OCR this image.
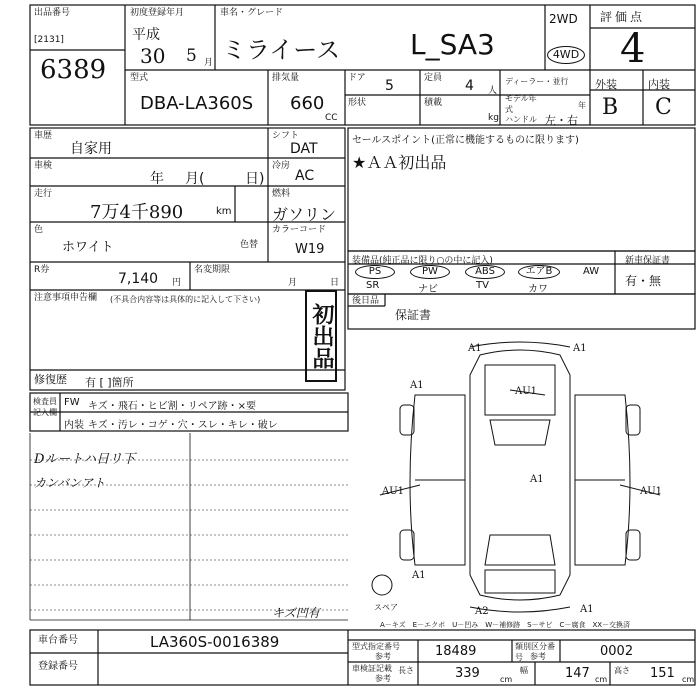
出品番号
[2131]
6389
初度登録年月
平成
30 5 月
車名・グレード
ミライース L_SA3
2WD
4WD
評価点
4
外装	内装
B C
型式
DBA-LA360S
排気量
660
CC
ドア 5	定員 4 人
形状	積載
kg
ディーラー・並行
モデル年式	年
ハンドル 左・右
車歴
自家用
車検
年 月(	日)
走行
7万4千890	km
シフト
DAT
冷房
AC
燃料
ガソリン
色
ホワイト	色替
カラーコード
W19
R券
7,140 円
名変期限
月	日
注意事項申告欄 (不具合内容等は具体的に記入して下さい)
初出品
修復歴 有 [ ]箇所
セールスポイント(正常に機能するものに限ります)
★ＡＡ初出品
装備品(純正品に限り○の中に記入)
PS	PW	ABS	エアB	AW
SR	ナビ	TV	カワ
新車保証書
有・無
後日品
保証書
検査員記入欄
FW キズ・飛石・ヒビ割・リペア跡・×要
内装 キズ・汚レ・コゲ・穴・スレ・キレ・破レ
Dルートハ日リ下
カンバンアト
キズ凹有
A1	A1
A1
AU1
A1
AU1	AU1
A2
A1
A1
スペア
A－キズ　E－エクボ　U－凹み　W－補修跡　S－サビ　C－腐食　XX－交換済
車台番号	LA360S-0016389
登録番号
型式指定番号
参考	18489	類別区分番号 参考	0002
車検証記載
参考
長さ	339	cm
幅	147 cm
高さ 151 cm
